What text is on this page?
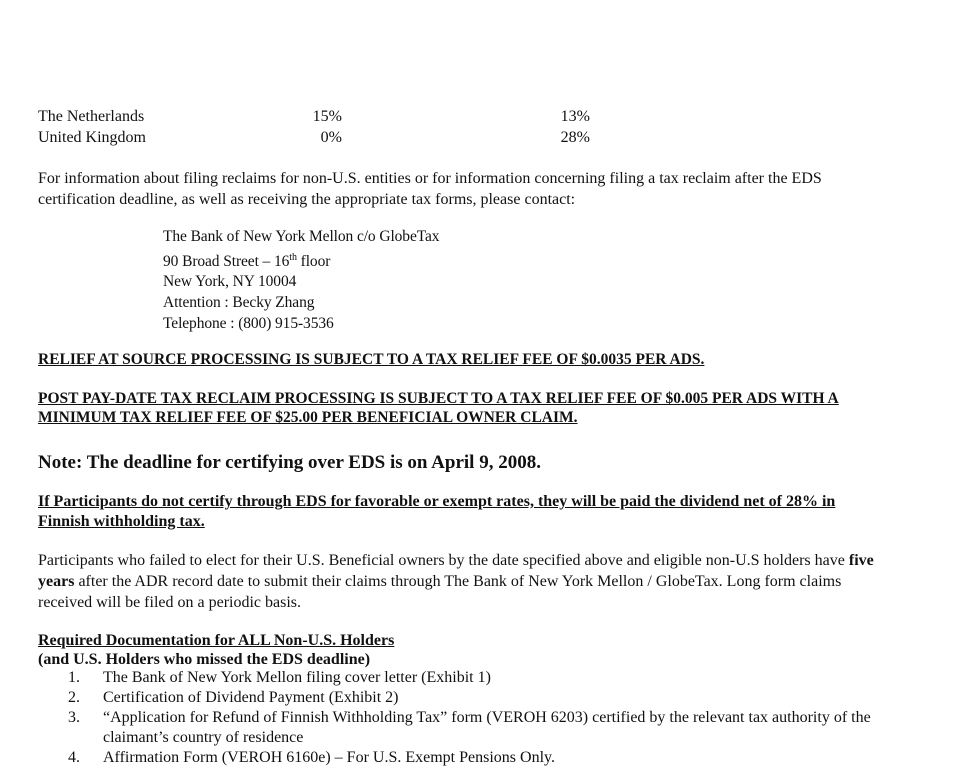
The Netherlands	15%	13%
United Kingdom	0%	28%
For information about filing reclaims for non-U.S. entities or for information concerning filing a tax reclaim after the EDS certification deadline, as well as receiving the appropriate tax forms, please contact:
The Bank of New York Mellon c/o GlobeTax
90 Broad Street – 16th floor
New York, NY 10004
Attention : Becky Zhang
Telephone : (800) 915-3536
RELIEF AT SOURCE PROCESSING IS SUBJECT TO A TAX RELIEF FEE OF $0.0035 PER ADS.
POST PAY-DATE TAX RECLAIM PROCESSING IS SUBJECT TO A TAX RELIEF FEE OF $0.005 PER ADS WITH A MINIMUM TAX RELIEF FEE OF $25.00 PER BENEFICIAL OWNER CLAIM.
Note: The deadline for certifying over EDS is on April 9, 2008.
If Participants do not certify through EDS for favorable or exempt rates, they will be paid the dividend net of 28% in Finnish withholding tax.
Participants who failed to elect for their U.S. Beneficial owners by the date specified above and eligible non-U.S holders have five years after the ADR record date to submit their claims through The Bank of New York Mellon / GlobeTax. Long form claims received will be filed on a periodic basis.
Required Documentation for ALL Non-U.S. Holders
(and U.S. Holders who missed the EDS deadline)
1. The Bank of New York Mellon filing cover letter (Exhibit 1)
2. Certification of Dividend Payment (Exhibit 2)
3. “Application for Refund of Finnish Withholding Tax” form (VEROH 6203) certified by the relevant tax authority of the claimant’s country of residence
4. Affirmation Form (VEROH 6160e) – For U.S. Exempt Pensions Only.
